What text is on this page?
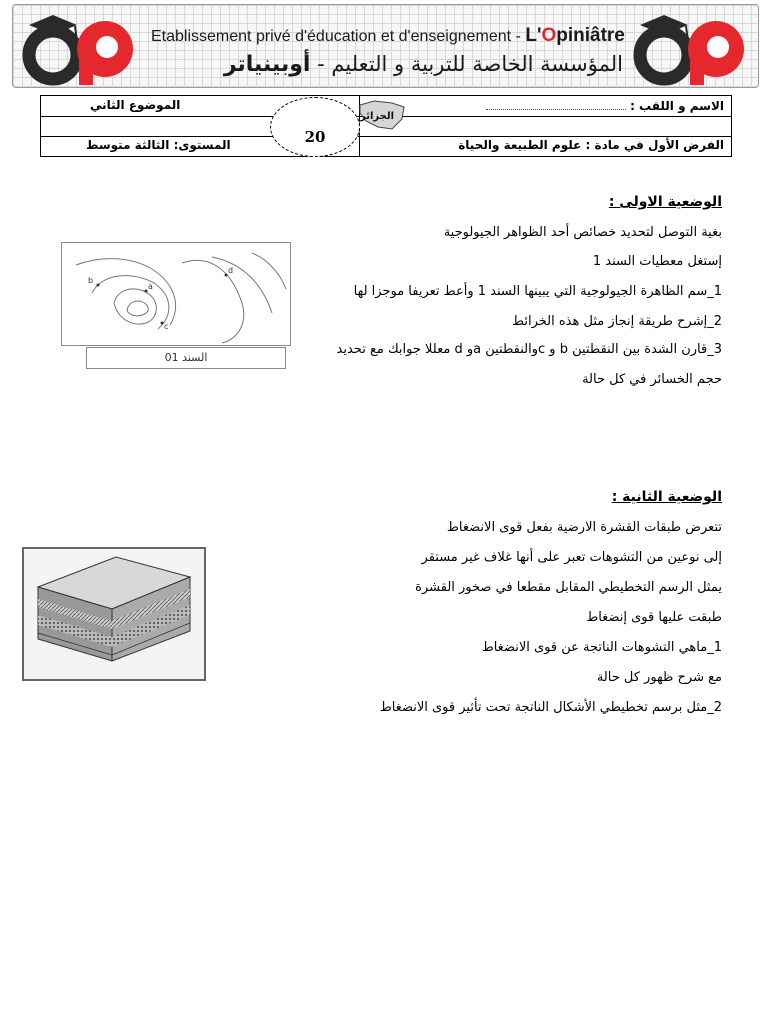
Etablissement privé d'éducation et d'enseignement - L'Opiniâtre
المؤسسة الخاصة للتربية و التعليم - أوبينياتر
الاسم و اللقب :
الموضوع الثاني
الفرض الأول في مادة : علوم الطبيعة والحياة
المستوى: الثالثة متوسط	20
الجزائر
الوضعية الاولى :
بغية التوصل لتحديد خصائص أحد الظواهر الجيولوجية
إستغل معطيات السند 1
1_سم الظاهرة الجيولوجية التي يبينها السند 1 وأعط تعريفا موجزا لها
2_إشرح طريقة إنجاز مثل هذه الخرائط
3_قارن الشدة بين النقطتين b و cوالنقطتين aو d معللا جوابك مع تحديد
حجم الخسائر في كل حالة
b
a
c
d
السند 01
الوضعية الثانية :
تتعرض طبقات القشرة الارضية بفعل قوى الانضغاط
إلى نوعين من التشوهات تعبر على أنها غلاف غير مستقر
يمثل الرسم التخطيطي المقابل مقطعا في صخور القشرة
طبقت عليها قوى إنضغاط
1_ماهي التشوهات الناتجة عن قوى الانضغاط
مع شرح ظهور كل حالة
2_مثل برسم تخطيطي الأشكال الناتجة تحت تأثير قوى الانضغاط
